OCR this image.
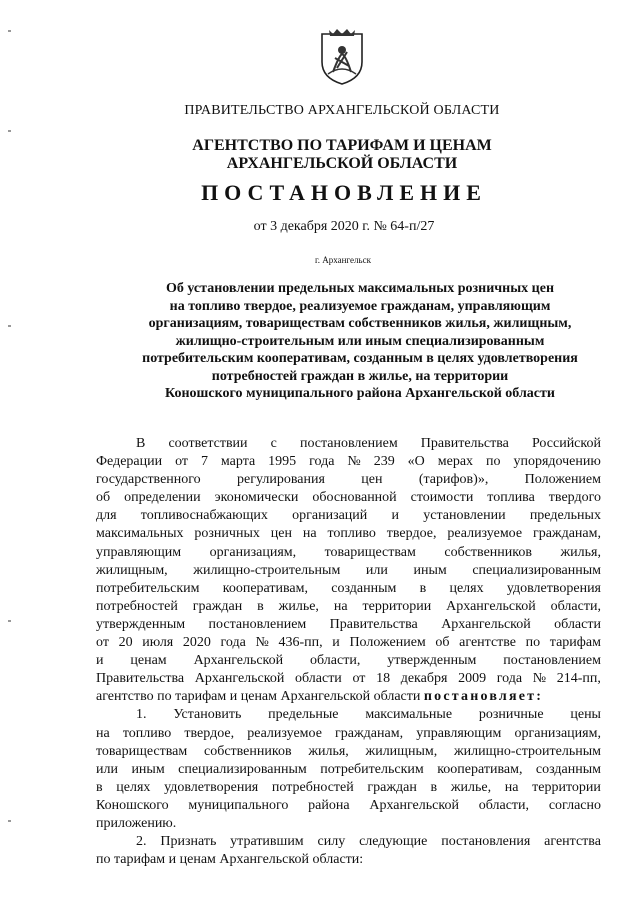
ПРАВИТЕЛЬСТВО АРХАНГЕЛЬСКОЙ ОБЛАСТИ
АГЕНТСТВО ПО ТАРИФАМ И ЦЕНАМ
АРХАНГЕЛЬСКОЙ ОБЛАСТИ
ПОСТАНОВЛЕНИЕ
от 3 декабря 2020 г. № 64-п/27
г. Архангельск
Об установлении предельных максимальных розничных цен
на топливо твердое, реализуемое гражданам, управляющим
организациям, товариществам собственников жилья, жилищным,
жилищно-строительным или иным специализированным
потребительским кооперативам, созданным в целях удовлетворения
потребностей граждан в жилье, на территории
Коношского муниципального района Архангельской области
В соответствии с постановлением Правительства Российской
Федерации от 7 марта 1995 года № 239 «О мерах по упорядочению
государственного	регулирования	цен	(тарифов)»,	Положением
об определении экономически обоснованной стоимости топлива твердого
для топливоснабжающих организаций и установлении предельных
максимальных розничных цен на топливо твердое, реализуемое гражданам,
управляющим организациям, товариществам собственников жилья,
жилищным, жилищно-строительным или иным специализированным
потребительским кооперативам, созданным в целях удовлетворения
потребностей граждан в жилье, на территории Архангельской области,
утвержденным постановлением Правительства Архангельской области
от 20 июля 2020 года № 436-пп, и Положением об агентстве по тарифам
и ценам Архангельской области, утвержденным постановлением
Правительства Архангельской области от 18 декабря 2009 года № 214-пп,
агентство по тарифам и ценам Архангельской области постановляет:
1. Установить предельные максимальные розничные цены
на топливо твердое, реализуемое гражданам, управляющим организациям,
товариществам собственников жилья, жилищным, жилищно-строительным
или иным специализированным потребительским кооперативам, созданным
в целях удовлетворения потребностей граждан в жилье, на территории
Коношского муниципального района Архангельской области, согласно
приложению.
2. Признать утратившим силу следующие постановления агентства
по тарифам и ценам Архангельской области:
